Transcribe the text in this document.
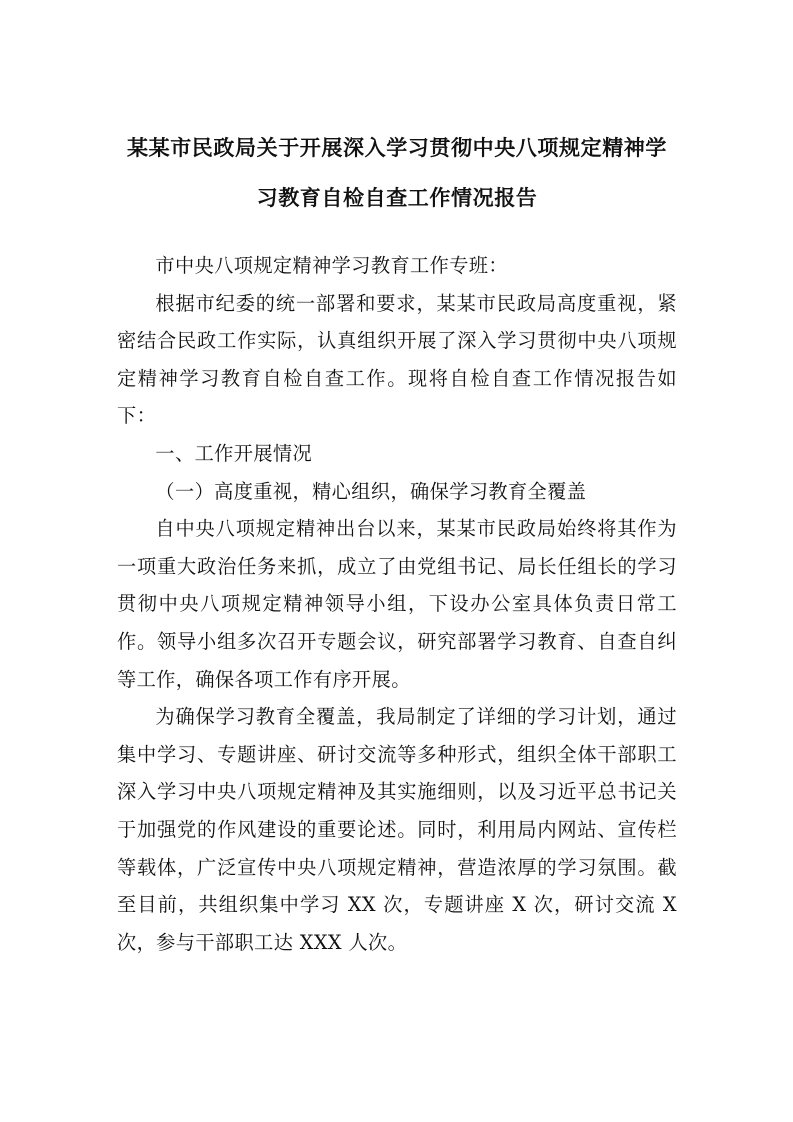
某某市民政局关于开展深入学习贯彻中央八项规定精神学
习教育自检自查工作情况报告

市中央八项规定精神学习教育工作专班：

根据市纪委的统一部署和要求，某某市民政局高度重视，紧密结合民政工作实际，认真组织开展了深入学习贯彻中央八项规定精神学习教育自检自查工作。现将自检自查工作情况报告如下：

一、工作开展情况

（一）高度重视，精心组织，确保学习教育全覆盖

自中央八项规定精神出台以来，某某市民政局始终将其作为一项重大政治任务来抓，成立了由党组书记、局长任组长的学习贯彻中央八项规定精神领导小组，下设办公室具体负责日常工作。领导小组多次召开专题会议，研究部署学习教育、自查自纠等工作，确保各项工作有序开展。

为确保学习教育全覆盖，我局制定了详细的学习计划，通过集中学习、专题讲座、研讨交流等多种形式，组织全体干部职工深入学习中央八项规定精神及其实施细则，以及习近平总书记关于加强党的作风建设的重要论述。同时，利用局内网站、宣传栏等载体，广泛宣传中央八项规定精神，营造浓厚的学习氛围。截至目前，共组织集中学习 XX 次，专题讲座 X 次，研讨交流 X 次，参与干部职工达 XXX 人次。
